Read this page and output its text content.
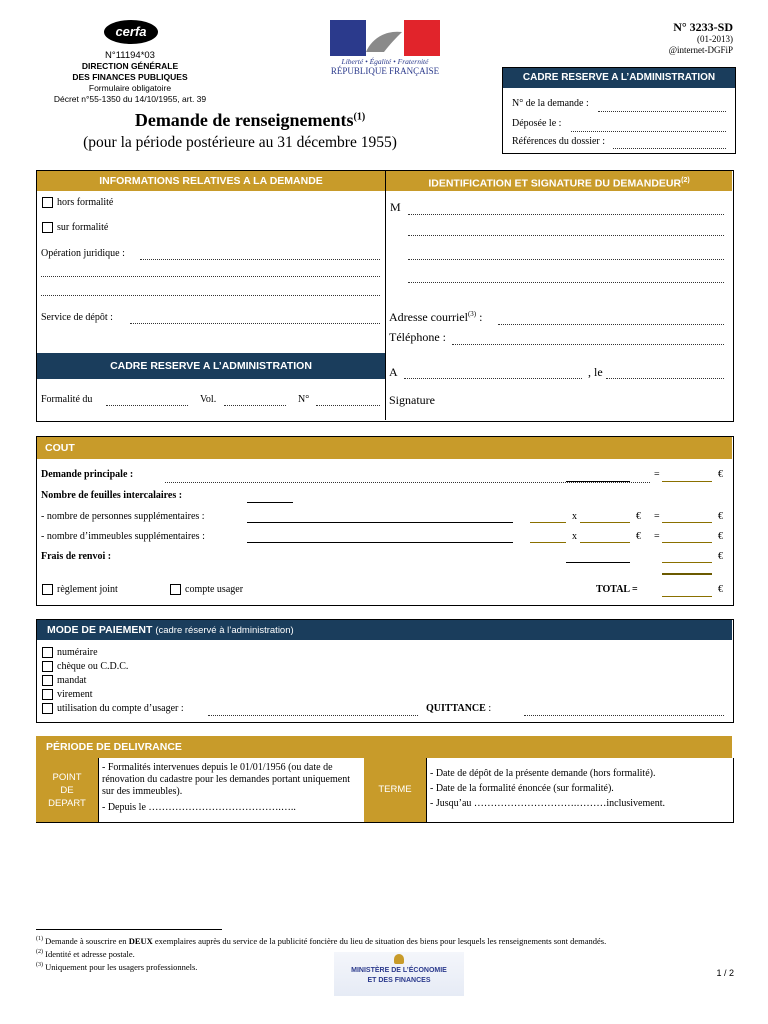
cerfa
N°11194*03
DIRECTION GÉNÉRALE
DES FINANCES PUBLIQUES
Formulaire obligatoire
Décret n°55-1350 du 14/10/1955, art. 39
Liberté • Égalité • Fraternité
RÉPUBLIQUE FRANÇAISE
N° 3233-SD
(01-2013)
@internet-DGFiP
CADRE RESERVE A L’ADMINISTRATION
N° de la demande :
Déposée le :
Références du dossier :
Demande de renseignements$^{(1)}$
(pour la période postérieure au 31 décembre 1955)
INFORMATIONS RELATIVES A LA DEMANDE	IDENTIFICATION ET SIGNATURE DU DEMANDEUR$^{(2)}$
hors formalité
sur formalité
Opération juridique :
Service de dépôt :
CADRE RESERVE A L’ADMINISTRATION
Formalité du	Vol.	N°
M
Adresse courriel$^{(3)}$ :
Téléphone :
A	, le
Signature
COUT
Demande principale :	=	€
Nombre de feuilles intercalaires :
- nombre de personnes supplémentaires :	x	€ =	€
- nombre d’immeubles supplémentaires :	x	€ =	€
Frais de renvoi :	€
règlement joint	compte usager	TOTAL =	€
MODE DE PAIEMENT (cadre réservé à l’administration)
numéraire
chèque ou C.D.C.
mandat
virement
utilisation du compte d’usager :	QUITTANCE :
PÉRIODE DE DELIVRANCE
POINT DE DEPART
- Formalités intervenues depuis le 01/01/1956 (ou date de rénovation du cadastre pour les demandes portant uniquement sur des immeubles).
- Depuis le ………………………………….…..
TERME
- Date de dépôt de la présente demande (hors formalité).
- Date de la formalité énoncée (sur formalité).
- Jusqu’au ………………………….………inclusivement.
$^{(1)}$ Demande à souscrire en DEUX exemplaires auprès du service de la publicité foncière du lieu de situation des biens pour lesquels les renseignements sont demandés.
$^{(2)}$ Identité et adresse postale.
$^{(3)}$ Uniquement pour les usagers professionnels.	MINISTÈRE DE L’ÉCONOMIE
ET DES FINANCES
1 / 2
